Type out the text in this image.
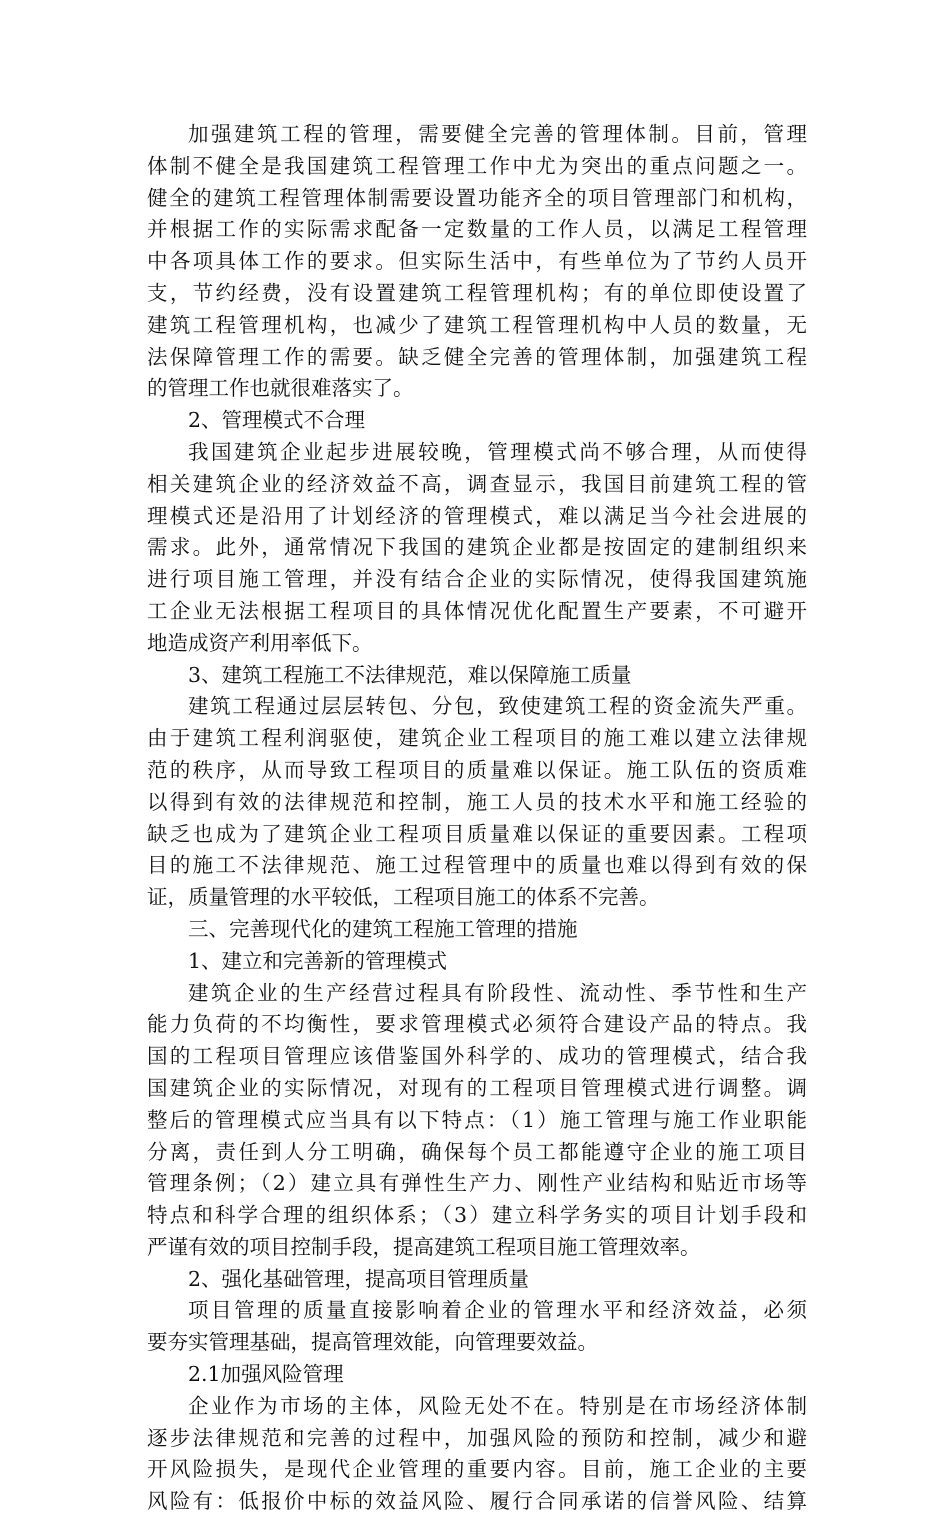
加强建筑工程的管理，需要健全完善的管理体制。目前，管理
体制不健全是我国建筑工程管理工作中尤为突出的重点问题之一。
健全的建筑工程管理体制需要设置功能齐全的项目管理部门和机构，
并根据工作的实际需求配备一定数量的工作人员，以满足工程管理
中各项具体工作的要求。但实际生活中，有些单位为了节约人员开
支，节约经费，没有设置建筑工程管理机构；有的单位即使设置了
建筑工程管理机构，也减少了建筑工程管理机构中人员的数量，无
法保障管理工作的需要。缺乏健全完善的管理体制，加强建筑工程
的管理工作也就很难落实了。
2、管理模式不合理
我国建筑企业起步进展较晚，管理模式尚不够合理，从而使得
相关建筑企业的经济效益不高，调查显示，我国目前建筑工程的管
理模式还是沿用了计划经济的管理模式，难以满足当今社会进展的
需求。此外，通常情况下我国的建筑企业都是按固定的建制组织来
进行项目施工管理，并没有结合企业的实际情况，使得我国建筑施
工企业无法根据工程项目的具体情况优化配置生产要素，不可避开
地造成资产利用率低下。
3、建筑工程施工不法律规范，难以保障施工质量
建筑工程通过层层转包、分包，致使建筑工程的资金流失严重。
由于建筑工程利润驱使，建筑企业工程项目的施工难以建立法律规
范的秩序，从而导致工程项目的质量难以保证。施工队伍的资质难
以得到有效的法律规范和控制，施工人员的技术水平和施工经验的
缺乏也成为了建筑企业工程项目质量难以保证的重要因素。工程项
目的施工不法律规范、施工过程管理中的质量也难以得到有效的保
证，质量管理的水平较低，工程项目施工的体系不完善。
三、完善现代化的建筑工程施工管理的措施
1、建立和完善新的管理模式
建筑企业的生产经营过程具有阶段性、流动性、季节性和生产
能力负荷的不均衡性，要求管理模式必须符合建设产品的特点。我
国的工程项目管理应该借鉴国外科学的、成功的管理模式，结合我
国建筑企业的实际情况，对现有的工程项目管理模式进行调整。调
整后的管理模式应当具有以下特点：（1）施工管理与施工作业职能
分离，责任到人分工明确，确保每个员工都能遵守企业的施工项目
管理条例；（2）建立具有弹性生产力、刚性产业结构和贴近市场等
特点和科学合理的组织体系；（3）建立科学务实的项目计划手段和
严谨有效的项目控制手段，提高建筑工程项目施工管理效率。
2、强化基础管理，提高项目管理质量
项目管理的质量直接影响着企业的管理水平和经济效益，必须
要夯实管理基础，提高管理效能，向管理要效益。
2.1加强风险管理
企业作为市场的主体，风险无处不在。特别是在市场经济体制
逐步法律规范和完善的过程中，加强风险的预防和控制，减少和避
开风险损失，是现代企业管理的重要内容。目前，施工企业的主要
风险有：低报价中标的效益风险、履行合同承诺的信誉风险、结算
